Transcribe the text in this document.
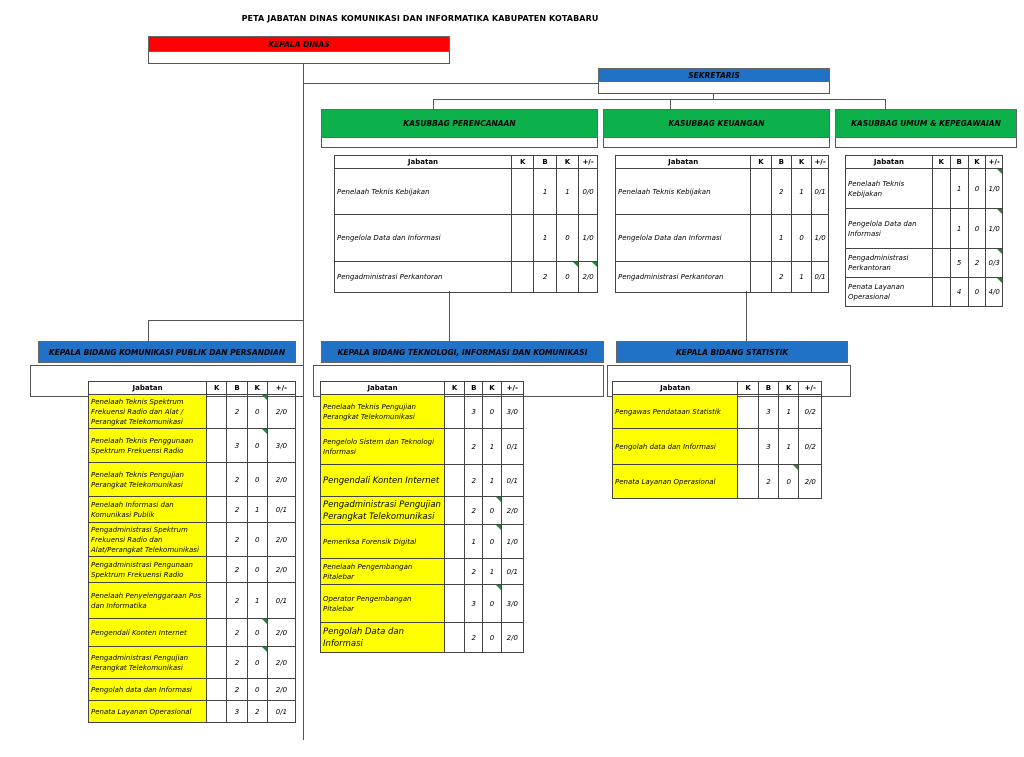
PETA JABATAN DINAS KOMUNIKASI DAN INFORMATIKA KABUPATEN KOTABARU
KEPALA DINAS
SEKRETARIS
KASUBBAG PERENCANAAN	KASUBBAG KEUANGAN	KASUBBAG UMUM & KEPEGAWAIAN
KEPALA BIDANG KOMUNIKASI PUBLIK DAN PERSANDIAN	KEPALA BIDANG TEKNOLOGI, INFORMASI DAN KOMUNIKASI	KEPALA BIDANG STATISTIK
Jabatan	K	B	K	+/-
Penelaah Teknis Kebijakan		1	1	0/0
Pengelola Data dan Informasi		1	0	1/0
Pengadministrasi Perkantoran		2	0	2/0
Jabatan	K	B	K	+/-
Penelaah Teknis Kebijakan		2	1	0/1
Pengelola Data dan Informasi		1	0	1/0
Pengadministrasi Perkantoran		2	1	0/1
Jabatan	K	B	K	+/-
Penelaah Teknis Kebijakan		1	0	1/0

Pengelola Data dan Informasi		1	0	1/0

Pengadministrasi Perkantoran		5	2	0/3

Penata Layanan Operasional		4	0	4/0
Jabatan	K	B	K	+/-
Penelaah Teknis Spektrum Frekuensi Radio dan Alat / Perangkat Telekomunikasi		2	0	2/0
Penelaah Teknis Penggunaan Spektrum Frekuensi Radio		3	0	3/0
Penelaah Teknis Pengujian Perangkat Telekomunikasi		2	0	2/0
Penelaah Informasi dan Komunikasi Publik		2	1	0/1
Pengadministrasi Spektrum Frekuensi Radio dan Alat/Perangkat Telekomunikasi		2	0	2/0
Pengadministrasi Pengunaan Spektrum Frekuensi Radio		2	0	2/0
Penelaah Penyelenggaraan Pos dan Informatika		2	1	0/1
Pengendali Konten Internet		2	0	2/0
Pengadministrasi Pengujian Perangkat Telekomunikasi		2	0	2/0
Pengolah data dan Informasi		2	0	2/0
Penata Layanan Operasional		3	2	0/1
Jabatan	K	B	K	+/-
Penelaah Teknis Pengujian Perangkat Telekomunikasi		3	0	3/0
Pengelolo Sistem dan Teknologi Informasi		2	1	0/1
Pengendali Konten Internet		2	1	0/1
Pengadministrasi Pengujian Perangkat Telekomunikasi		2	0	2/0
Pemeriksa Forensik Digital		1	0	1/0
Penelaah Pengembangan Pitalebar		2	1	0/1
Operator Pengembangan Pitalebar		3	0	3/0
Pengolah Data dan Informasi		2	0	2/0
Jabatan	K	B	K	+/-
Pengawas Pendataan Statistik		3	1	0/2
Pengolah data dan Informasi		3	1	0/2
Penata Layanan Operasional		2	0	2/0
